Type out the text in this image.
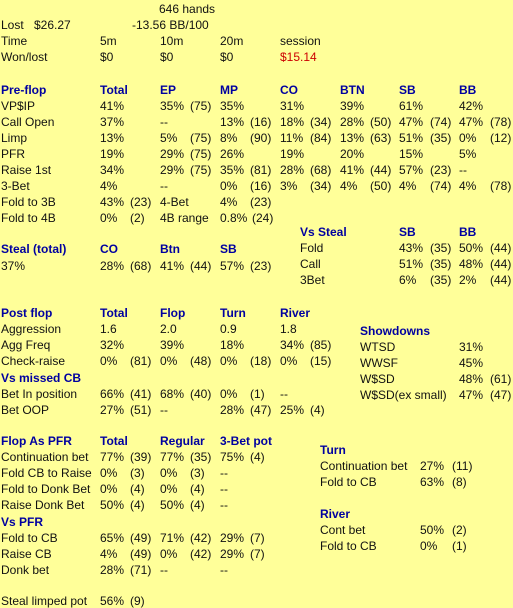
646 hands
Lost $26.27	-13.56 BB/100
Time	5m	10m	20m	session
Won/lost	$0	$0	$0	$15.14
Pre-flop	Total	EP	MP	CO	BTN	SB	BB
VP$IP	41%	35% (75) 35%	31%	39%	61%	42%
Call Open	37%	--	13% (16) 18% (34) 28% (50) 47% (74) 47% (78)
Limp	13%	5% (75) 8% (90) 11% (84) 13% (63) 51% (35) 0% (12)
PFR	19%	29% (75) 26%	19%	20%	15%	5%
Raise 1st	34%	29% (75) 35% (81) 28% (68) 41% (44) 57% (23) --
3-Bet	4%	--	0% (16) 3% (34) 4% (50) 4% (74) 4% (78)
Fold to 3B	43% (23) 4-Bet	4% (23)
Fold to 4B	0% (2) 4B range 0.8% (24)
Vs Steal	SB	BB
Fold	43% (35) 50% (44)
Call	51% (35) 48% (44)
3Bet	6% (35) 2% (44)
Steal (total)	CO	Btn	SB
37%	28% (68) 41% (44) 57% (23)
Post flop	Total	Flop	Turn	River
Aggression	1.6	2.0	0.9	1.8
Agg Freq	32%	39%	18%	34% (85)
Check-raise	0% (81) 0% (48) 0% (18) 0% (15)
Vs missed CB
Bet In position 66% (41) 68% (40) 0% (1) --
Bet OOP	27% (51) --	28% (47) 25% (4)
Showdowns
WTSD	31%
WWSF	45%
W$SD	48% (61)
W$SD(ex small) 47% (47)
Flop As PFR Total	Regular 3-Bet pot
Continuation bet 77% (39) 77% (35) 75% (4)
Fold CB to Raise 0% (3) 0% (3) --
Fold to Donk Bet 0% (4) 0% (4) --
Raise Donk Bet 50% (4) 50% (4) --
Vs PFR
Fold to CB	65% (49) 71% (42) 29% (7)
Raise CB	4% (49) 0% (42) 29% (7)
Donk bet	28% (71) --	--
Steal limped pot 56% (9)
Turn
Continuation bet 27% (11)
Fold to CB	63% (8)
River
Cont bet	50% (2)
Fold to CB	0% (1)
